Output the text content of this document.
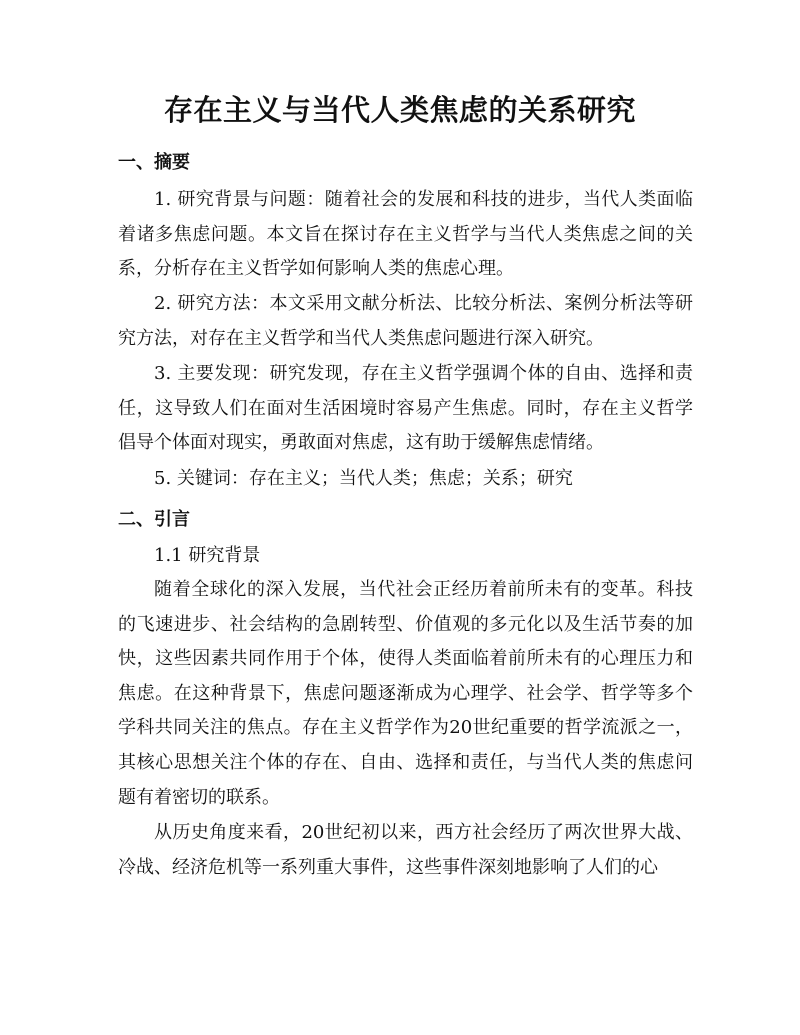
存在主义与当代人类焦虑的关系研究
一、摘要

1. 研究背景与问题：随着社会的发展和科技的进步，当代人类面临着诸多焦虑问题。本文旨在探讨存在主义哲学与当代人类焦虑之间的关系，分析存在主义哲学如何影响人类的焦虑心理。

2. 研究方法：本文采用文献分析法、比较分析法、案例分析法等研究方法，对存在主义哲学和当代人类焦虑问题进行深入研究。

3. 主要发现：研究发现，存在主义哲学强调个体的自由、选择和责任，这导致人们在面对生活困境时容易产生焦虑。同时，存在主义哲学倡导个体面对现实，勇敢面对焦虑，这有助于缓解焦虑情绪。

5. 关键词：存在主义；当代人类；焦虑；关系；研究

二、引言

1.1 研究背景

随着全球化的深入发展，当代社会正经历着前所未有的变革。科技的飞速进步、社会结构的急剧转型、价值观的多元化以及生活节奏的加快，这些因素共同作用于个体，使得人类面临着前所未有的心理压力和焦虑。在这种背景下，焦虑问题逐渐成为心理学、社会学、哲学等多个学科共同关注的焦点。存在主义哲学作为20世纪重要的哲学流派之一，其核心思想关注个体的存在、自由、选择和责任，与当代人类的焦虑问题有着密切的联系。

从历史角度来看，20世纪初以来，西方社会经历了两次世界大战、冷战、经济危机等一系列重大事件，这些事件深刻地影响了人们的心
